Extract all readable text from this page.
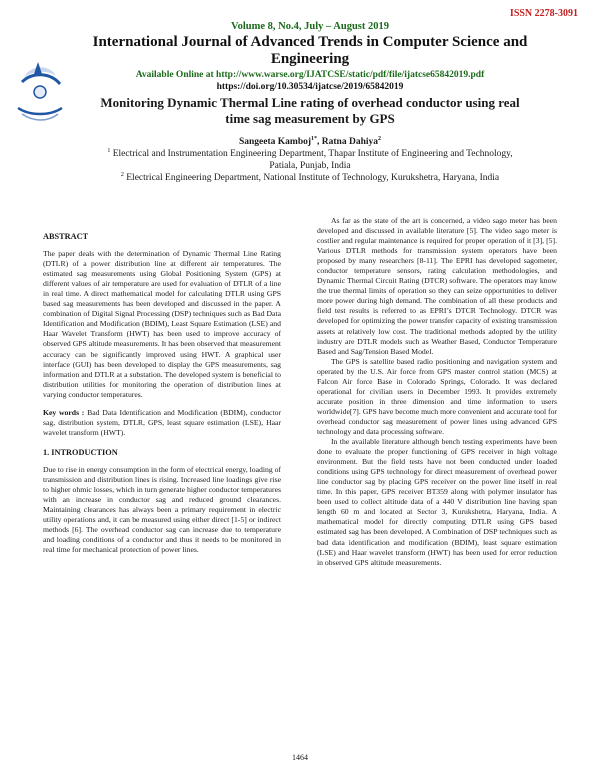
ISSN 2278-3091
Volume 8, No.4, July – August 2019
International Journal of Advanced Trends in Computer Science and Engineering
Available Online at http://www.warse.org/IJATCSE/static/pdf/file/ijatcse65842019.pdf
https://doi.org/10.30534/ijatcse/2019/65842019
Monitoring Dynamic Thermal Line rating of overhead conductor using real
time sag measurement by GPS
Sangeeta Kamboj$^{1*}$, Ratna Dahiya$^2$
$^1$ Electrical and Instrumentation Engineering Department, Thapar Institute of Engineering and Technology,
Patiala, Punjab, India
$^2$ Electrical Engineering Department, National Institute of Technology, Kurukshetra, Haryana, India
ABSTRACT

The paper deals with the determination of Dynamic Thermal Line Rating (DTLR) of a power distribution line at different air temperatures. The estimated sag measurements using Global Positioning System (GPS) at different values of air temperature are used for evaluation of DTLR of a line in real time. A direct mathematical model for calculating DTLR using GPS based sag measurements has been developed and discussed in the paper. A combination of Digital Signal Processing (DSP) techniques such as Bad Data Identification and Modification (BDIM), Least Square Estimation (LSE) and Haar Wavelet Transform (HWT) has been used to improve accuracy of observed GPS altitude measurements. It has been observed that measurement accuracy can be significantly improved using HWT. A graphical user interface (GUI) has been developed to display the GPS measurements, sag information and DTLR at a substation. The developed system is beneficial to distribution utilities for monitoring the operation of distribution lines at varying conductor temperatures.

Key words : Bad Data Identification and Modification (BDIM), conductor sag, distribution system, DTLR, GPS, least square estimation (LSE), Haar wavelet transform (HWT).

1. INTRODUCTION

Due to rise in energy consumption in the form of electrical energy, loading of transmission and distribution lines is rising. Increased line loadings give rise to higher ohmic losses, which in turn generate higher conductor temperatures with an increase in conductor sag and reduced ground clearances. Maintaining clearances has always been a primary requirement in electric utility operations and, it can be measured using either direct [1-5] or indirect methods [6]. The overhead conductor sag can increase due to temperature and loading conditions of a conductor and thus it needs to be monitored in real time for mechanical protection of power lines.

As far as the state of the art is concerned, a video sago meter has been developed and discussed in available literature [5]. The video sago meter is costlier and regular maintenance is required for proper operation of it [3], [5]. Various DTLR methods for transmission system operators have been proposed by many researchers [8-11]. The EPRI has developed sagometer, conductor temperature sensors, rating calculation methodologies, and Dynamic Thermal Circuit Rating (DTCR) software. The operators may know the true thermal limits of operation so they can seize opportunities to deliver more power during high demand. The combination of all these products and field test results is referred to as EPRI’s DTCR Technology. DTCR was developed for optimizing the power transfer capacity of existing transmission assets at relatively low cost. The traditional methods adopted by the utility industry are DTLR models such as Weather Based, Conductor Temperature Based and Sag/Tension Based Model.

The GPS is satellite based radio positioning and navigation system and operated by the U.S. Air force from GPS master control station (MCS) at Falcon Air force Base in Colorado Springs, Colorado. It was declared operational for civilian users in December 1993. It provides extremely accurate position in three dimension and time information to users worldwide[7]. GPS have become much more convenient and accurate tool for overhead conductor sag measurement of power lines using advanced GPS technology and data processing software.

In the available literature although bench testing experiments have been done to evaluate the proper functioning of GPS receiver in high voltage environment. But the field tests have not been conducted under loaded conditions using GPS technology for direct measurement of overhead power line conductor sag by placing GPS receiver on the power line itself in real time. In this paper, GPS receiver BT359 along with polymer insulator has been used to collect altitude data of a 440 V distribution line having span length 60 m and located at Sector 3, Kurukshetra, Haryana, India. A mathematical model for directly computing DTLR using GPS based estimated sag has been developed. A Combination of DSP techniques such as bad data identification and modification (BDIM), least square estimation (LSE) and Haar wavelet transform (HWT) has been used for error reduction in observed GPS altitude measurements.

1464
